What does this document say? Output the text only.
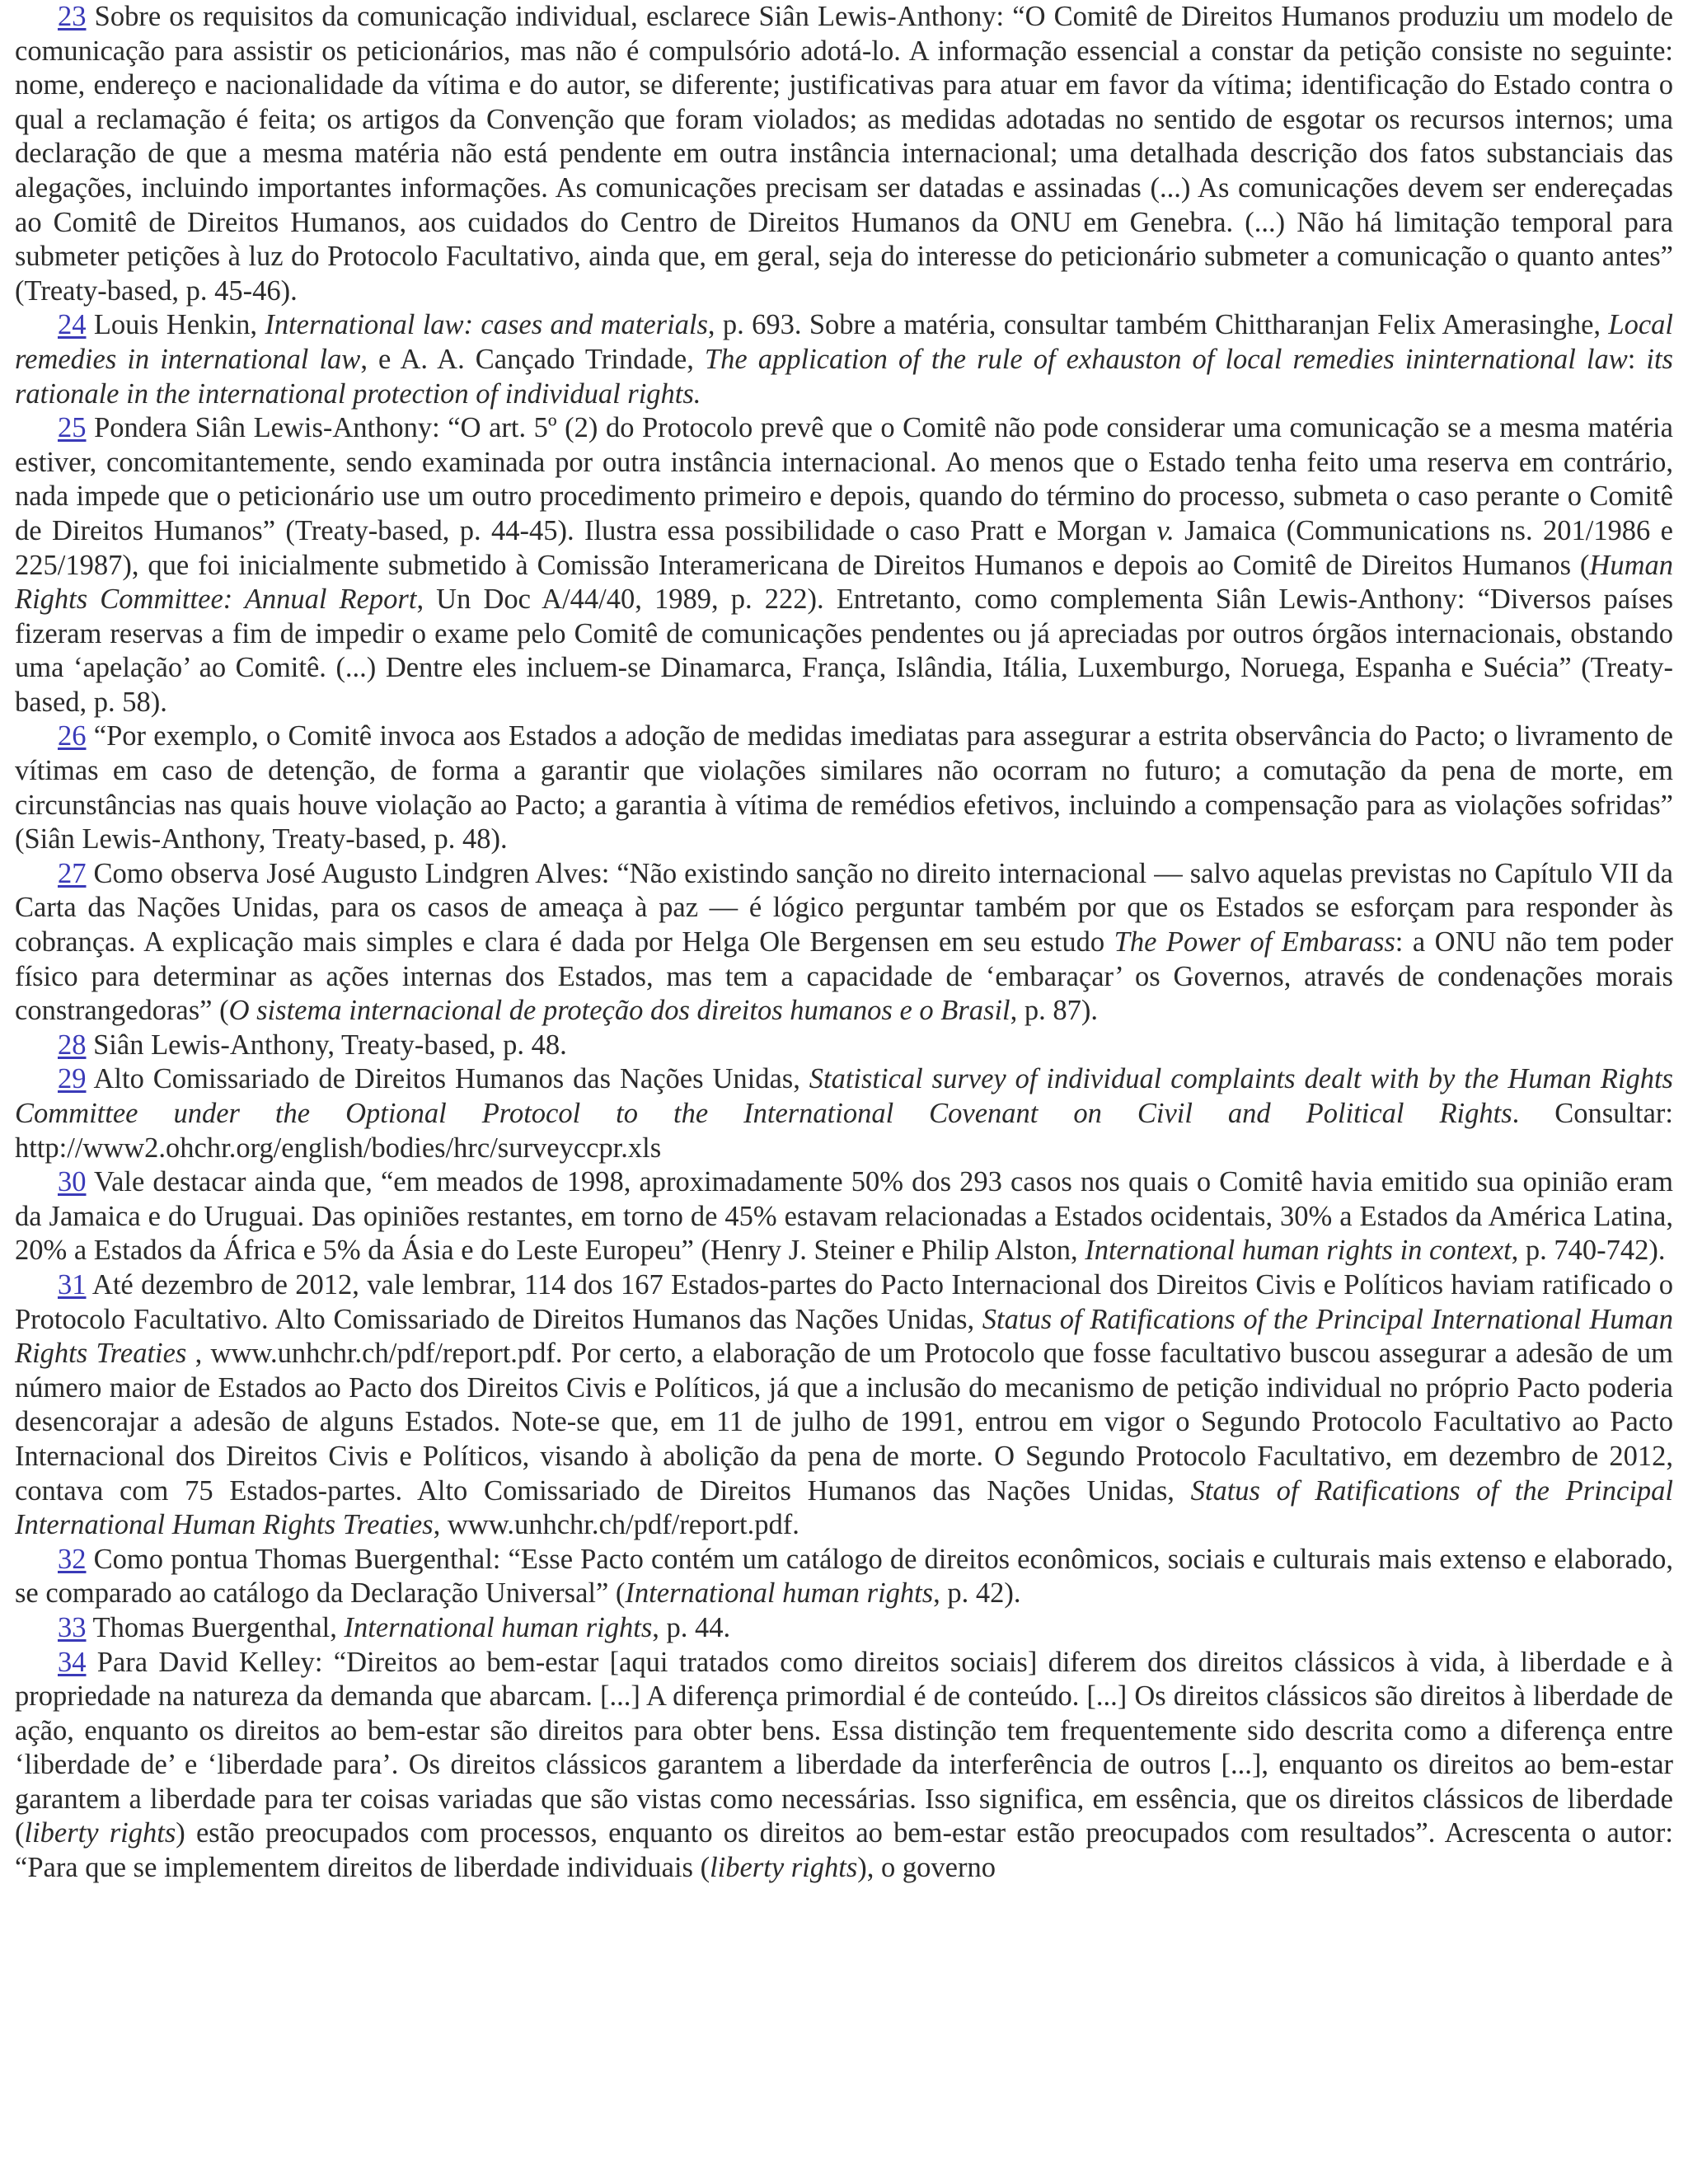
23 Sobre os requisitos da comunicação individual, esclarece Siân Lewis-Anthony: “O Comitê de Direitos Humanos produziu um modelo de comunicação para assistir os peticionários, mas não é compulsório adotá-lo. A informação essencial a constar da petição consiste no seguinte: nome, endereço e nacionalidade da vítima e do autor, se diferente; justificativas para atuar em favor da vítima; identificação do Estado contra o qual a reclamação é feita; os artigos da Convenção que foram violados; as medidas adotadas no sentido de esgotar os recursos internos; uma declaração de que a mesma matéria não está pendente em outra instância internacional; uma detalhada descrição dos fatos substanciais das alegações, incluindo importantes informações. As comunicações precisam ser datadas e assinadas (...) As comunicações devem ser endereçadas ao Comitê de Direitos Humanos, aos cuidados do Centro de Direitos Humanos da ONU em Genebra. (...) Não há limitação temporal para submeter petições à luz do Protocolo Facultativo, ainda que, em geral, seja do interesse do peticionário submeter a comunicação o quanto antes” (Treaty-based, p. 45-46).

24 Louis Henkin, International law: cases and materials, p. 693. Sobre a matéria, consultar também Chittharanjan Felix Amerasinghe, Local remedies in international law, e A. A. Cançado Trindade, The application of the rule of exhauston of local remedies ininternational law: its rationale in the international protection of individual rights.

25 Pondera Siân Lewis-Anthony: “O art. 5º (2) do Protocolo prevê que o Comitê não pode considerar uma comunicação se a mesma matéria estiver, concomitantemente, sendo examinada por outra instância internacional. Ao menos que o Estado tenha feito uma reserva em contrário, nada impede que o peticionário use um outro procedimento primeiro e depois, quando do término do processo, submeta o caso perante o Comitê de Direitos Humanos” (Treaty-based, p. 44-45). Ilustra essa possibilidade o caso Pratt e Morgan v. Jamaica (Communications ns. 201/1986 e 225/1987), que foi inicialmente submetido à Comissão Interamericana de Direitos Humanos e depois ao Comitê de Direitos Humanos (Human Rights Committee: Annual Report, Un Doc A/44/40, 1989, p. 222). Entretanto, como complementa Siân Lewis-Anthony: “Diversos países fizeram reservas a fim de impedir o exame pelo Comitê de comunicações pendentes ou já apreciadas por outros órgãos internacionais, obstando uma ‘apelação’ ao Comitê. (...) Dentre eles incluem-se Dinamarca, França, Islândia, Itália, Luxemburgo, Noruega, Espanha e Suécia” (Treaty-based, p. 58).

26 “Por exemplo, o Comitê invoca aos Estados a adoção de medidas imediatas para assegurar a estrita observância do Pacto; o livramento de vítimas em caso de detenção, de forma a garantir que violações similares não ocorram no futuro; a comutação da pena de morte, em circunstâncias nas quais houve violação ao Pacto; a garantia à vítima de remédios efetivos, incluindo a compensação para as violações sofridas” (Siân Lewis-Anthony, Treaty-based, p. 48).

27 Como observa José Augusto Lindgren Alves: “Não existindo sanção no direito internacional — salvo aquelas previstas no Capítulo VII da Carta das Nações Unidas, para os casos de ameaça à paz — é lógico perguntar também por que os Estados se esforçam para responder às cobranças. A explicação mais simples e clara é dada por Helga Ole Bergensen em seu estudo The Power of Embarass: a ONU não tem poder físico para determinar as ações internas dos Estados, mas tem a capacidade de ‘embaraçar’ os Governos, através de condenações morais constrangedoras” (O sistema internacional de proteção dos direitos humanos e o Brasil, p. 87).

28 Siân Lewis-Anthony, Treaty-based, p. 48.

29 Alto Comissariado de Direitos Humanos das Nações Unidas, Statistical survey of individual complaints dealt with by the Human Rights Committee under the Optional Protocol to the International Covenant on Civil and Political Rights. Consultar: http://www2.ohchr.org/english/bodies/hrc/surveyccpr.xls

30 Vale destacar ainda que, “em meados de 1998, aproximadamente 50% dos 293 casos nos quais o Comitê havia emitido sua opinião eram da Jamaica e do Uruguai. Das opiniões restantes, em torno de 45% estavam relacionadas a Estados ocidentais, 30% a Estados da América Latina, 20% a Estados da África e 5% da Ásia e do Leste Europeu” (Henry J. Steiner e Philip Alston, International human rights in context, p. 740-742).

31 Até dezembro de 2012, vale lembrar, 114 dos 167 Estados-partes do Pacto Internacional dos Direitos Civis e Políticos haviam ratificado o Protocolo Facultativo. Alto Comissariado de Direitos Humanos das Nações Unidas, Status of Ratifications of the Principal International Human Rights Treaties , www.unhchr.ch/pdf/report.pdf. Por certo, a elaboração de um Protocolo que fosse facultativo buscou assegurar a adesão de um número maior de Estados ao Pacto dos Direitos Civis e Políticos, já que a inclusão do mecanismo de petição individual no próprio Pacto poderia desencorajar a adesão de alguns Estados. Note-se que, em 11 de julho de 1991, entrou em vigor o Segundo Protocolo Facultativo ao Pacto Internacional dos Direitos Civis e Políticos, visando à abolição da pena de morte. O Segundo Protocolo Facultativo, em dezembro de 2012, contava com 75 Estados-partes. Alto Comissariado de Direitos Humanos das Nações Unidas, Status of Ratifications of the Principal International Human Rights Treaties, www.unhchr.ch/pdf/report.pdf.

32 Como pontua Thomas Buergenthal: “Esse Pacto contém um catálogo de direitos econômicos, sociais e culturais mais extenso e elaborado, se comparado ao catálogo da Declaração Universal” (International human rights, p. 42).

33 Thomas Buergenthal, International human rights, p. 44.

34 Para David Kelley: “Direitos ao bem-estar [aqui tratados como direitos sociais] diferem dos direitos clássicos à vida, à liberdade e à propriedade na natureza da demanda que abarcam. [...] A diferença primordial é de conteúdo. [...] Os direitos clássicos são direitos à liberdade de ação, enquanto os direitos ao bem-estar são direitos para obter bens. Essa distinção tem frequentemente sido descrita como a diferença entre ‘liberdade de’ e ‘liberdade para’. Os direitos clássicos garantem a liberdade da interferência de outros [...], enquanto os direitos ao bem-estar garantem a liberdade para ter coisas variadas que são vistas como necessárias. Isso significa, em essência, que os direitos clássicos de liberdade (liberty rights) estão preocupados com processos, enquanto os direitos ao bem-estar estão preocupados com resultados”. Acrescenta o autor: “Para que se implementem direitos de liberdade individuais (liberty rights), o governo
